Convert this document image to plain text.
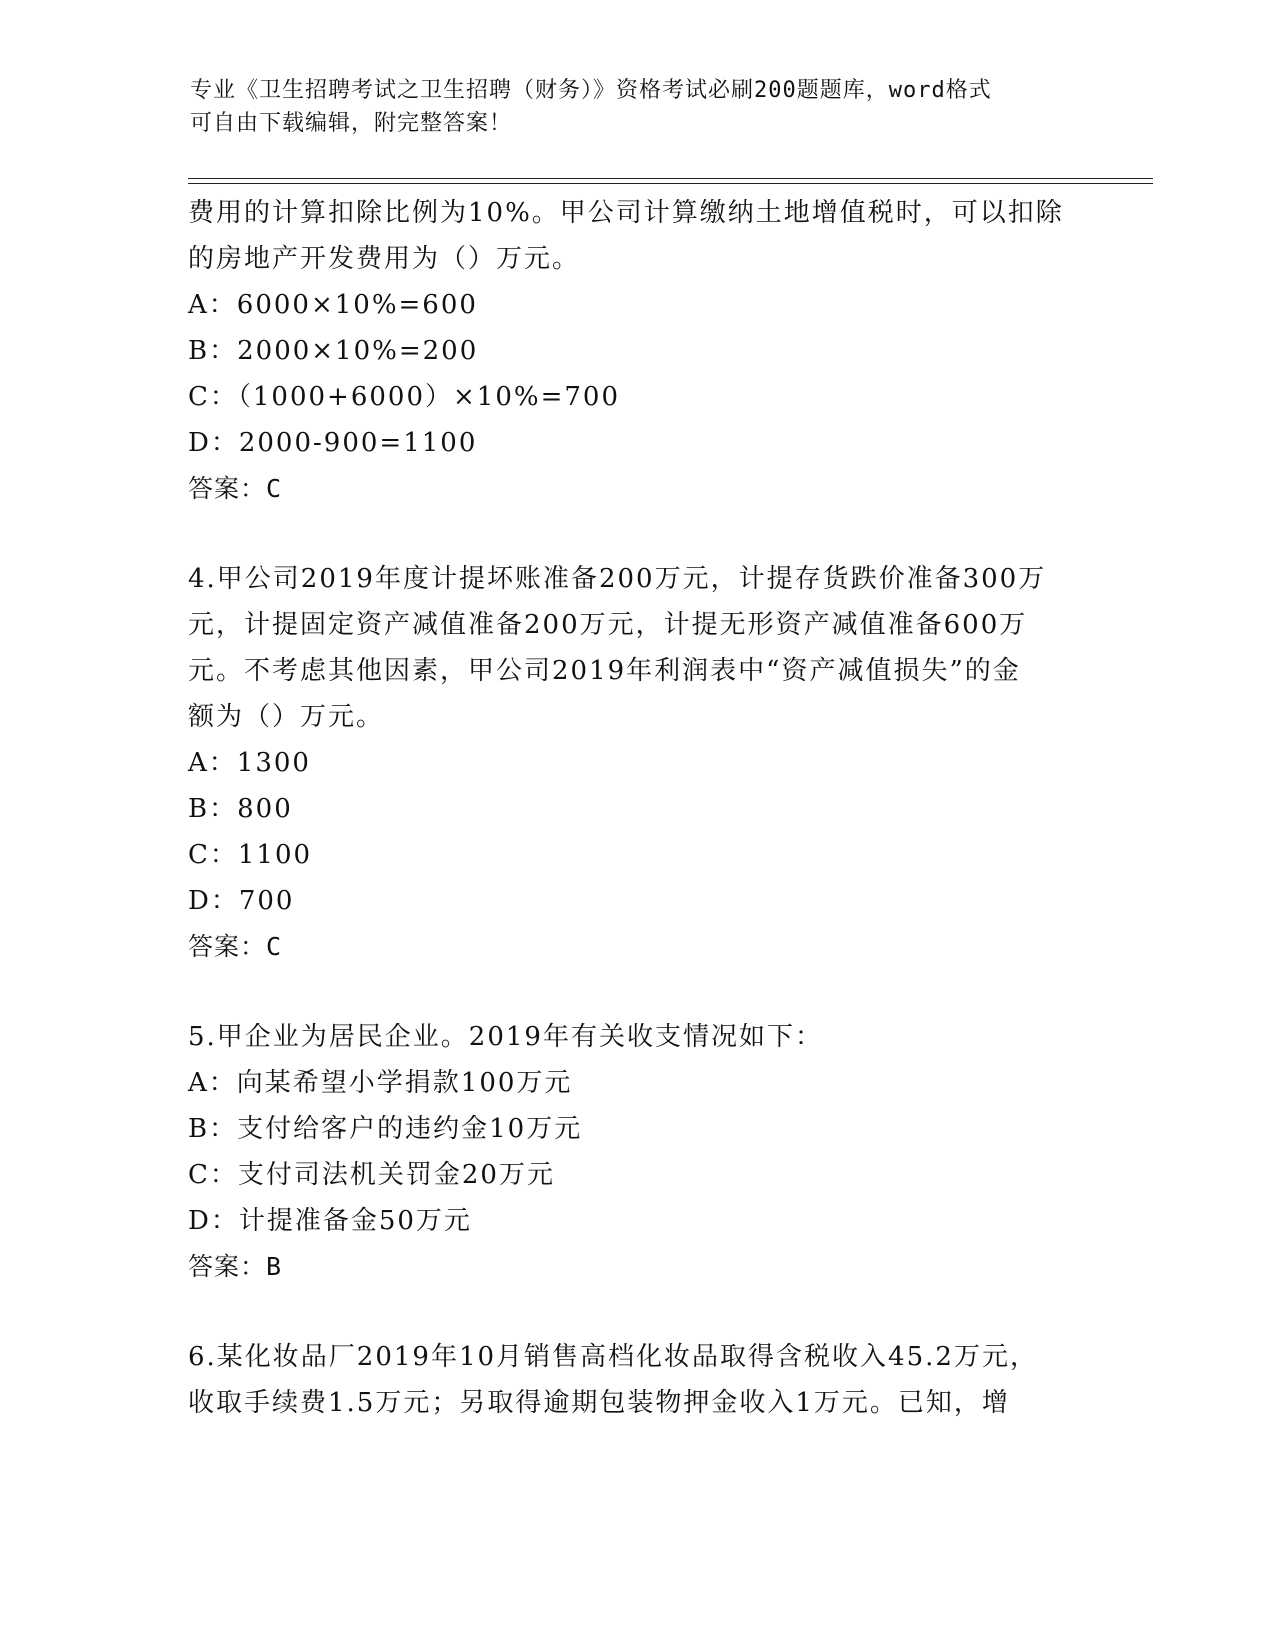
专业《卫生招聘考试之卫生招聘（财务）》资格考试必刷200题题库，word格式
可自由下载编辑，附完整答案！
费用的计算扣除比例为10%。甲公司计算缴纳土地增值税时，可以扣除
的房地产开发费用为（）万元。
A：6000×10%=600
B：2000×10%=200
C：（1000+6000）×10%=700
D：2000-900=1100
答案：C
4.甲公司2019年度计提坏账准备200万元，计提存货跌价准备300万
元，计提固定资产减值准备200万元，计提无形资产减值准备600万
元。不考虑其他因素，甲公司2019年利润表中“资产减值损失”的金
额为（）万元。
A：1300
B：800
C：1100
D：700
答案：C
5.甲企业为居民企业。2019年有关收支情况如下：
A：向某希望小学捐款100万元
B：支付给客户的违约金10万元
C：支付司法机关罚金20万元
D：计提准备金50万元
答案：B
6.某化妆品厂2019年10月销售高档化妆品取得含税收入45.2万元，
收取手续费1.5万元；另取得逾期包装物押金收入1万元。已知，增
